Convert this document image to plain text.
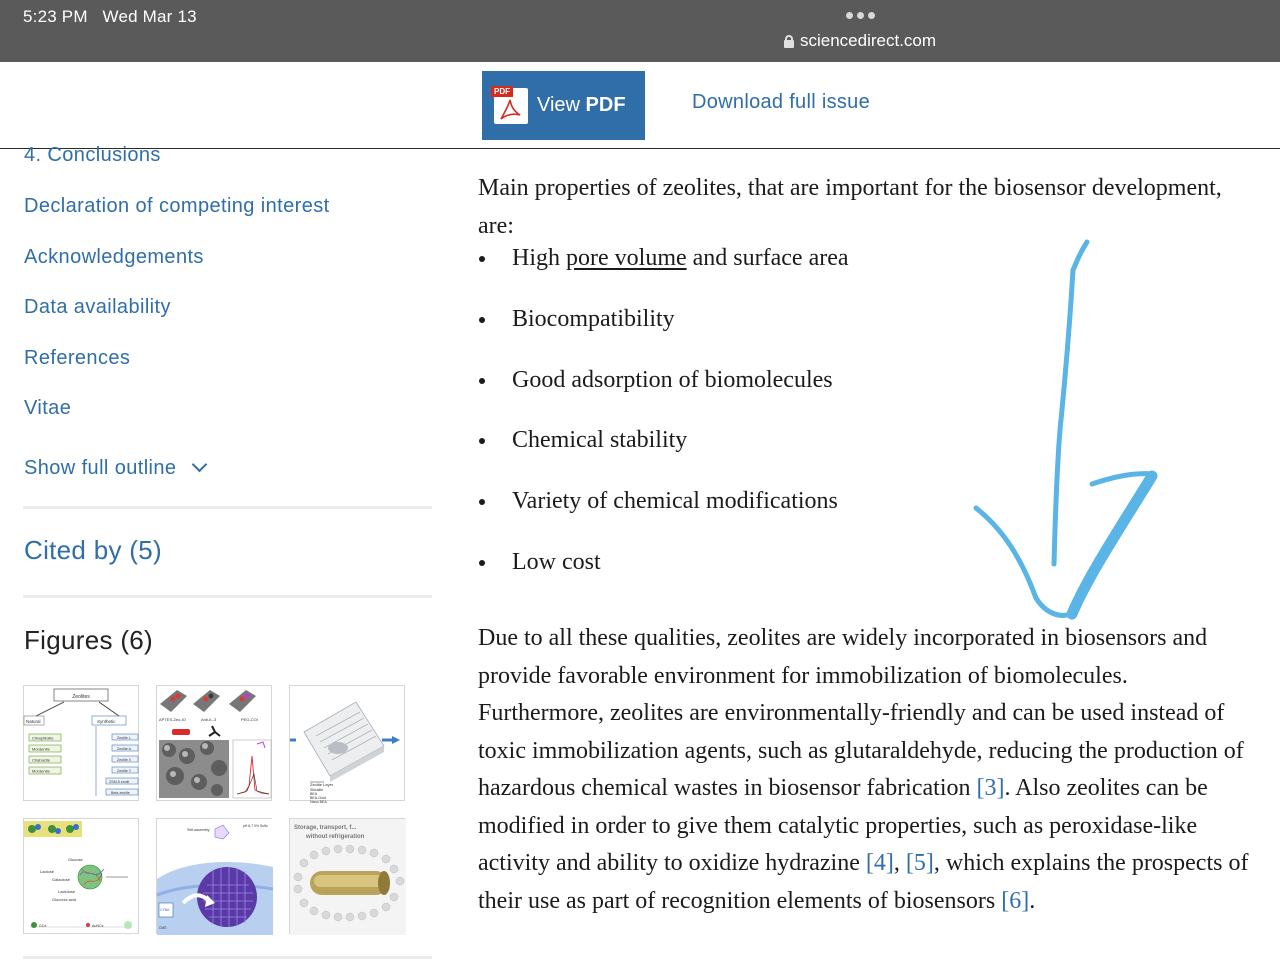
5:23 PM Wed Mar 13
sciencedirect.com
PDF
View PDF	Download full issue
4. Conclusions
Declaration of competing interest
Acknowledgements
Data availability
References
Vitae
Show full outline
Cited by (5)
Figures (6)
Zeolites
Natural	Synthetic
Clinoptilolite
Mordenite
Chabazite
Mordenite
Zeolite L
Zeolite A
Zeolite X
Zeolite Y
ZSM-5 zeolit
Beta zeolite
APTES-Zeo-IO	Anti-IL-3	PEG-COI
Zeolite Layer
Silicalite
BEA
BEA-Gold
Nano BEA
Glucose
Lactose
Galactose
Lactulose
Gluconic acid
GOx	AuNCs
Self-assembly
pH 6-7 0% Sulfo
CYBA
CMS
Storage, transport, f...
without refrigeration

Main properties of zeolites, that are important for the biosensor development, are:

High pore volume and surface area
Biocompatibility
Good adsorption of biomolecules
Chemical stability
Variety of chemical modifications
Low cost

Due to all these qualities, zeolites are widely incorporated in biosensors and provide favorable environment for immobilization of biomolecules. Furthermore, zeolites are environmentally-friendly and can be used instead of toxic immobilization agents, such as glutaraldehyde, reducing the production of hazardous chemical wastes in biosensor fabrication [3]. Also zeolites can be modified in order to give them catalytic properties, such as peroxidase-like activity and ability to oxidize hydrazine [4], [5], which explains the prospects of their use as part of recognition elements of biosensors [6].
